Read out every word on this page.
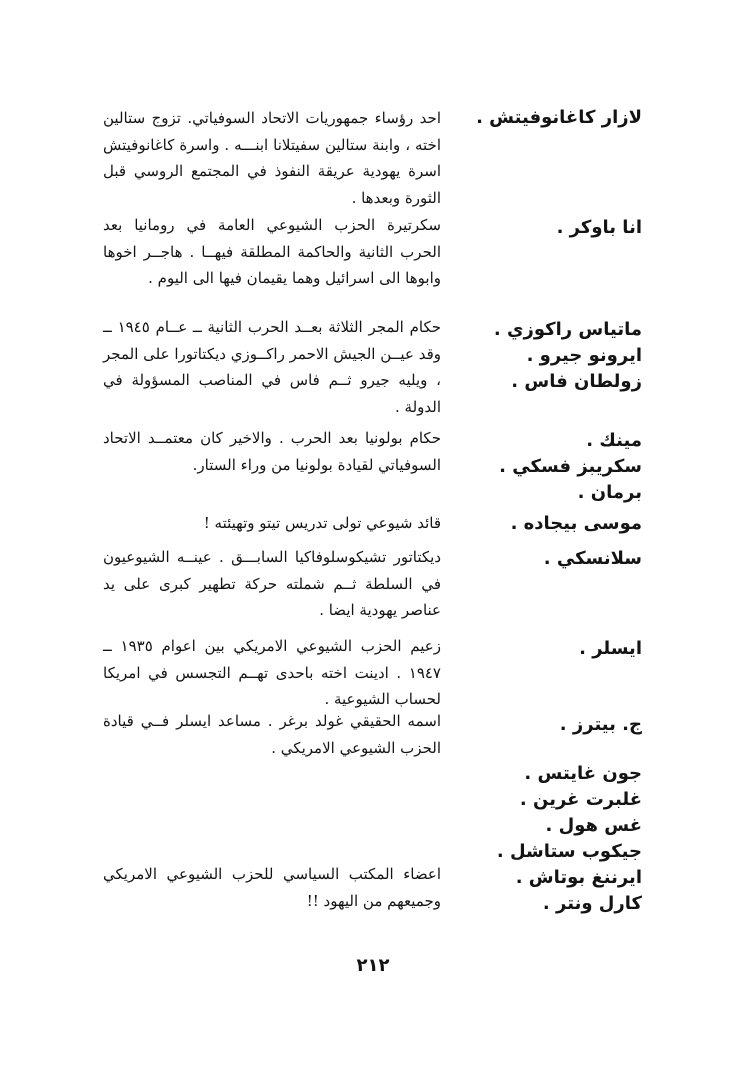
لازار كاغانوفيتش .
احد رؤساء جمهوريات الاتحاد السوفياتي. تزوج ستالين اخته ، وابنة ستالين سفيتلانا ابنـــه . واسرة كاغانوفيتش اسرة يهودية عريقة النفوذ في المجتمع الروسي قبل الثورة وبعدها .
انا باوكر .
سكرتيرة الحزب الشيوعي العامة في رومانيا بعد الحرب الثانية والحاكمة المطلقة فيهــا . هاجــر اخوها وابوها الى اسرائيل وهما يقيمان فيها الى اليوم .
ماتياس راكوزي .
ايرونو جيرو .
زولطان فاس .
حكام المجر الثلاثة بعــد الحرب الثانية ــ عــام ١٩٤٥ ــ وقد عيــن الجيش الاحمر راكــوزي ديكتاتورا على المجر ، ويليه جيرو ثــم فاس في المناصب المسؤولة في الدولة .
مينك .
سكريبز فسكي .
برمان .
حكام بولونيا بعد الحرب . والاخير كان معتمــد الاتحاد السوفياتي لقيادة بولونيا من وراء الستار.
موسى بيجاده .
قائد شيوعي تولى تدريس تيتو وتهيئته !
سلانسكي .
ديكتاتور تشيكوسلوفاكيا السابـــق . عينــه الشيوعيون في السلطة ثــم شملته حركة تطهير كبرى على يد عناصر يهودية ايضا .
ايسلر .
زعيم الحزب الشيوعي الامريكي بين اعوام ١٩٣٥ ــ ١٩٤٧ . ادينت اخته باحدى تهــم التجسس في امريكا لحساب الشيوعية .
ج. بيترز .
اسمه الحقيقي غولد برغر . مساعد ايسلر فــي قيادة الحزب الشيوعي الامريكي .
جون غايتس .
غلبرت غرين .
غس هول .
جيكوب ستاشل .
ايرننغ بوتاش .
كارل ونتر .
اعضاء المكتب السياسي للحزب الشيوعي الامريكي وجميعهم من اليهود !!
٢١٢
